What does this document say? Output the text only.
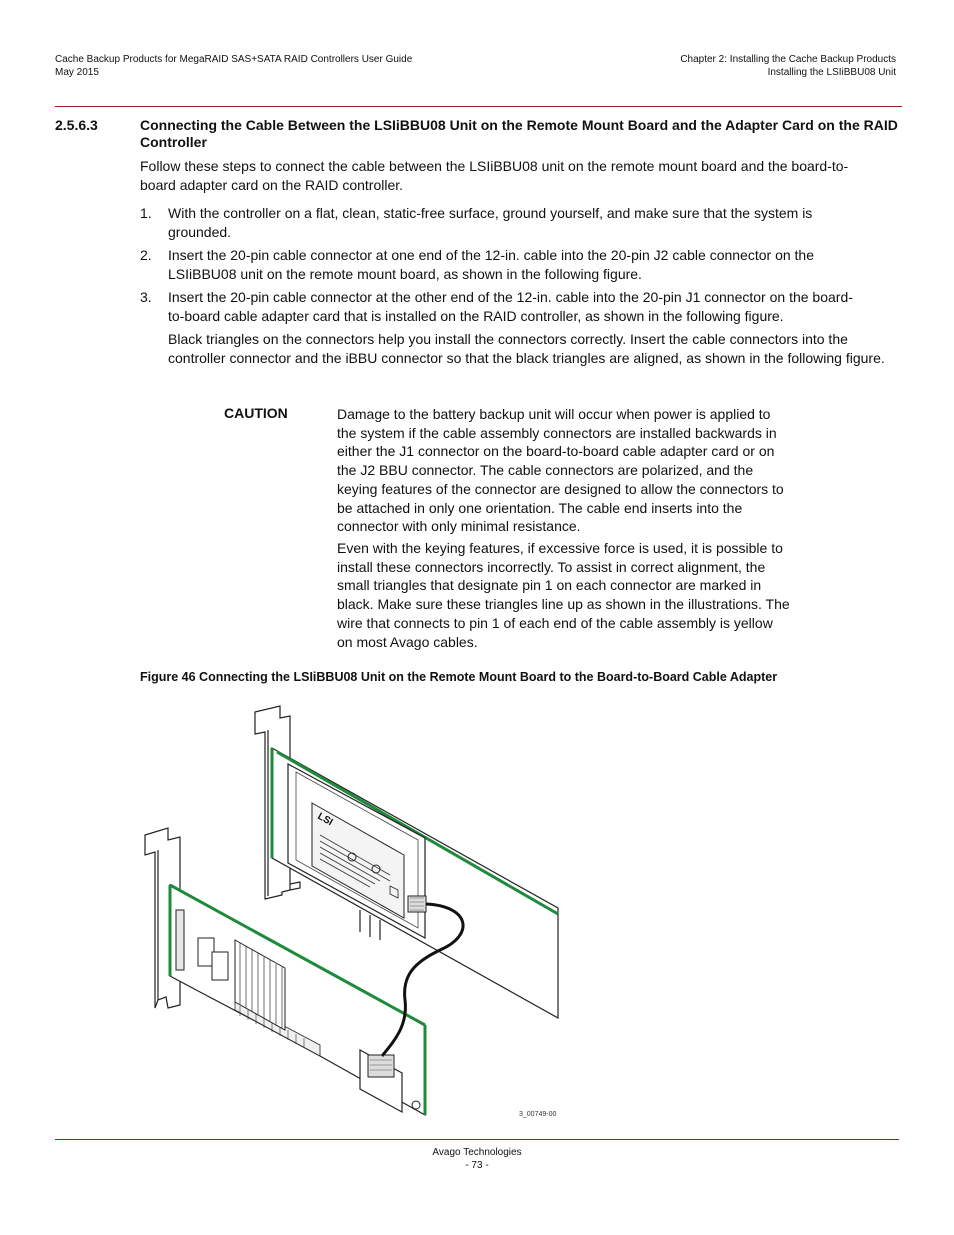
Cache Backup Products for MegaRAID SAS+SATA RAID Controllers User Guide
May 2015
Chapter 2: Installing the Cache Backup Products
Installing the LSIiBBU08 Unit
2.5.6.3	Connecting the Cable Between the LSIiBBU08 Unit on the Remote Mount Board and the Adapter Card on the RAID Controller
Follow these steps to connect the cable between the LSIiBBU08 unit on the remote mount board and the board-to-board adapter card on the RAID controller.
1. With the controller on a flat, clean, static-free surface, ground yourself, and make sure that the system is grounded.
2. Insert the 20-pin cable connector at one end of the 12-in. cable into the 20-pin J2 cable connector on the LSIiBBU08 unit on the remote mount board, as shown in the following figure.
3. Insert the 20-pin cable connector at the other end of the 12-in. cable into the 20-pin J1 connector on the board-to-board cable adapter card that is installed on the RAID controller, as shown in the following figure.
Black triangles on the connectors help you install the connectors correctly. Insert the cable connectors into the controller connector and the iBBU connector so that the black triangles are aligned, as shown in the following figure.
CAUTION	Damage to the battery backup unit will occur when power is applied to the system if the cable assembly connectors are installed backwards in either the J1 connector on the board-to-board cable adapter card or on the J2 BBU connector. The cable connectors are polarized, and the keying features of the connector are designed to allow the connectors to be attached in only one orientation. The cable end inserts into the connector with only minimal resistance.
Even with the keying features, if excessive force is used, it is possible to install these connectors incorrectly. To assist in correct alignment, the small triangles that designate pin 1 on each connector are marked in black. Make sure these triangles line up as shown in the illustrations. The wire that connects to pin 1 of each end of the cable assembly is yellow on most Avago cables.
Figure 46 Connecting the LSIiBBU08 Unit on the Remote Mount Board to the Board-to-Board Cable Adapter
LSI
3_00749-00
Avago Technologies
- 73 -
